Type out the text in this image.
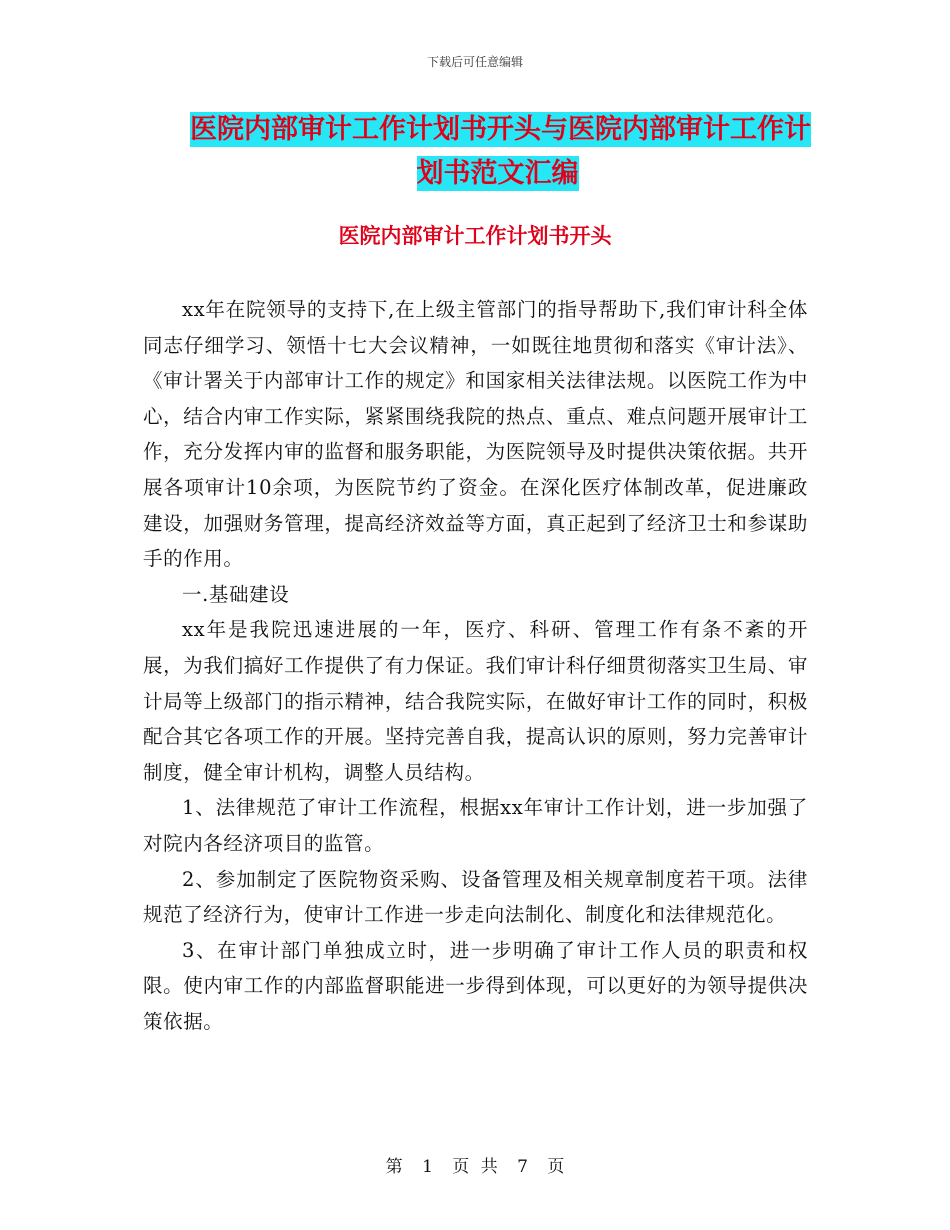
下载后可任意编辑
医院内部审计工作计划书开头与医院内部审计工作计
划书范文汇编
医院内部审计工作计划书开头

xx年在院领导的支持下,在上级主管部门的指导帮助下,我们审计科全体同志仔细学习、领悟十七大会议精神，一如既往地贯彻和落实《审计法》、《审计署关于内部审计工作的规定》和国家相关法律法规。以医院工作为中心，结合内审工作实际，紧紧围绕我院的热点、重点、难点问题开展审计工作，充分发挥内审的监督和服务职能，为医院领导及时提供决策依据。共开展各项审计10余项，为医院节约了资金。在深化医疗体制改革，促进廉政建设，加强财务管理，提高经济效益等方面，真正起到了经济卫士和参谋助手的作用。

一.基础建设

xx年是我院迅速进展的一年，医疗、科研、管理工作有条不紊的开展，为我们搞好工作提供了有力保证。我们审计科仔细贯彻落实卫生局、审计局等上级部门的指示精神，结合我院实际，在做好审计工作的同时，积极配合其它各项工作的开展。坚持完善自我，提高认识的原则，努力完善审计制度，健全审计机构，调整人员结构。

1、法律规范了审计工作流程，根据xx年审计工作计划，进一步加强了对院内各经济项目的监管。

2、参加制定了医院物资采购、设备管理及相关规章制度若干项。法律规范了经济行为，使审计工作进一步走向法制化、制度化和法律规范化。

3、在审计部门单独成立时，进一步明确了审计工作人员的职责和权限。使内审工作的内部监督职能进一步得到体现，可以更好的为领导提供决策依据。

第 1 页 共 7 页
